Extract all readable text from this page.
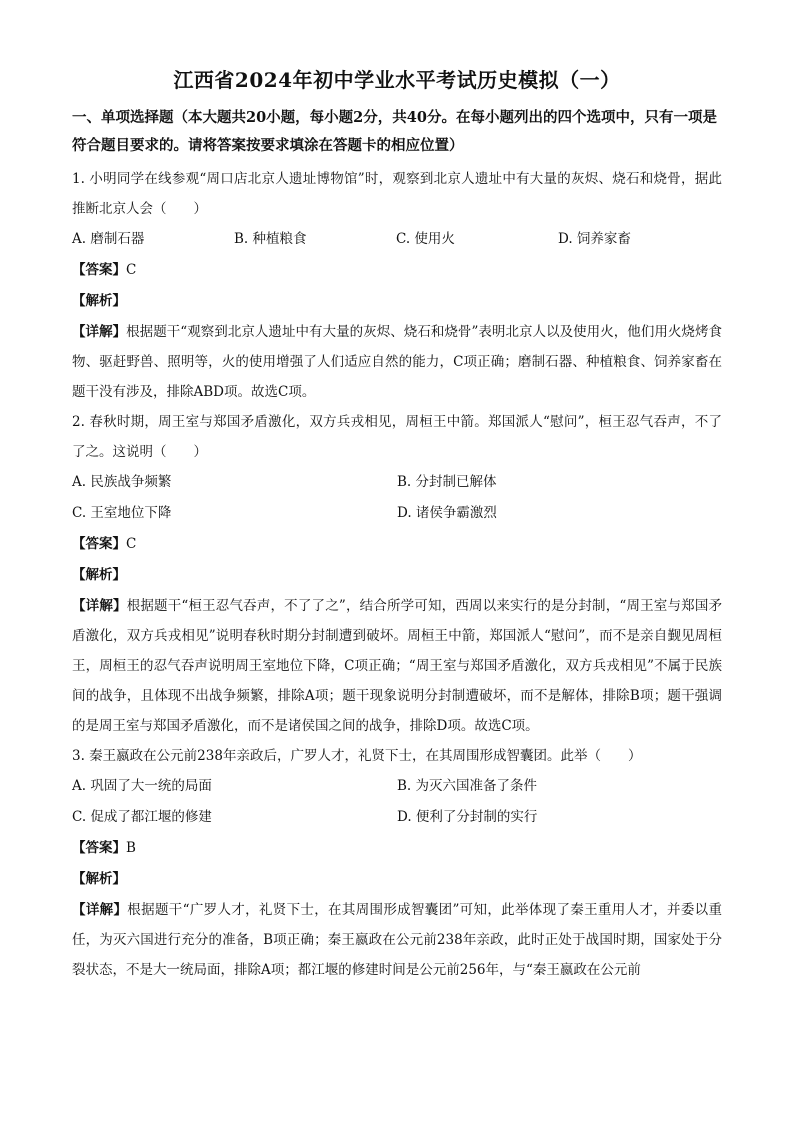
江西省2024年初中学业水平考试历史模拟（一）
一、单项选择题（本大题共20小题，每小题2分，共40分。在每小题列出的四个选项中，只有一项是符合题目要求的。请将答案按要求填涂在答题卡的相应位置）
1. 小明同学在线参观“周口店北京人遗址博物馆”时，观察到北京人遗址中有大量的灰烬、烧石和烧骨，据此推断北京人会（　　）
A. 磨制石器	B. 种植粮食	C. 使用火	D. 饲养家畜
【答案】C
【解析】
【详解】根据题干“观察到北京人遗址中有大量的灰烬、烧石和烧骨”表明北京人以及使用火，他们用火烧烤食物、驱赶野兽、照明等，火的使用增强了人们适应自然的能力，C项正确；磨制石器、种植粮食、饲养家畜在题干没有涉及，排除ABD项。故选C项。
2. 春秋时期，周王室与郑国矛盾激化，双方兵戎相见，周桓王中箭。郑国派人“慰问”，桓王忍气吞声，不了了之。这说明（　　）
A. 民族战争频繁	B. 分封制已解体
C. 王室地位下降	D. 诸侯争霸激烈
【答案】C
【解析】
【详解】根据题干“桓王忍气吞声，不了了之”，结合所学可知，西周以来实行的是分封制，“周王室与郑国矛盾激化，双方兵戎相见”说明春秋时期分封制遭到破坏。周桓王中箭，郑国派人“慰问”，而不是亲自觐见周桓王，周桓王的忍气吞声说明周王室地位下降，C项正确；“周王室与郑国矛盾激化，双方兵戎相见”不属于民族间的战争，且体现不出战争频繁，排除A项；题干现象说明分封制遭破坏，而不是解体，排除B项；题干强调的是周王室与郑国矛盾激化，而不是诸侯国之间的战争，排除D项。故选C项。
3. 秦王嬴政在公元前238年亲政后，广罗人才，礼贤下士，在其周围形成智囊团。此举（　　）
A. 巩固了大一统的局面	B. 为灭六国准备了条件
C. 促成了都江堰的修建	D. 便利了分封制的实行
【答案】B
【解析】
【详解】根据题干“广罗人才，礼贤下士，在其周围形成智囊团”可知，此举体现了秦王重用人才，并委以重任，为灭六国进行充分的准备，B项正确；秦王嬴政在公元前238年亲政，此时正处于战国时期，国家处于分裂状态，不是大一统局面，排除A项；都江堰的修建时间是公元前256年，与“秦王嬴政在公元前
